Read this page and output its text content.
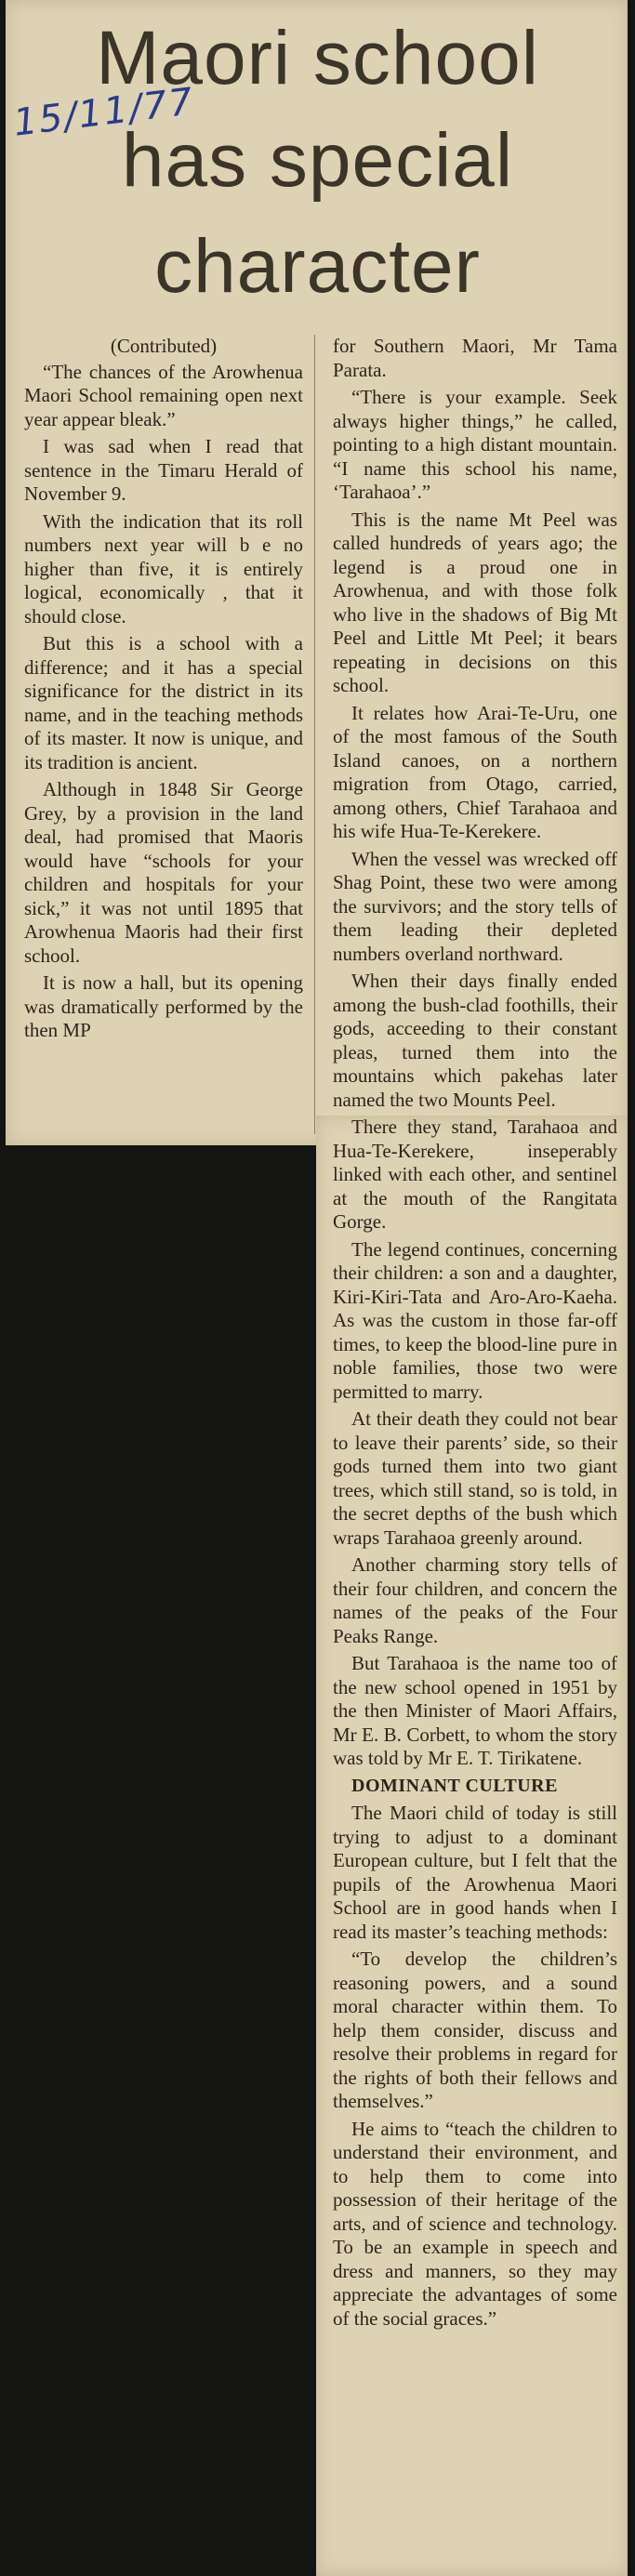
Maori school
has special
character
15/11/77

(Contributed)

“The chances of the Arowhenua Maori School remaining open next year appear bleak.”

I was sad when I read that sentence in the Timaru Herald of November 9.

With the indication that its roll numbers next year will b e no higher than five, it is entirely logical, economically , that it should close.

But this is a school with a difference; and it has a special significance for the district in its name, and in the teaching methods of its master. It now is unique, and its tradition is ancient.

Although in 1848 Sir George Grey, by a provision in the land deal, had promised that Maoris would have “schools for your children and hospitals for your sick,” it was not until 1895 that Arowhenua Maoris had their first school.

It is now a hall, but its opening was dramatically performed by the then MP

for Southern Maori, Mr Tama Parata.

“There is your example. Seek always higher things,” he called, pointing to a high distant mountain. “I name this school his name, ‘Tarahaoa’.”

This is the name Mt Peel was called hundreds of years ago; the legend is a proud one in Arowhenua, and with those folk who live in the shadows of Big Mt Peel and Little Mt Peel; it bears repeating in decisions on this school.

It relates how Arai-Te-Uru, one of the most famous of the South Island canoes, on a northern migration from Otago, carried, among others, Chief Tarahaoa and his wife Hua-Te-Kerekere.

When the vessel was wrecked off Shag Point, these two were among the survivors; and the story tells of them leading their depleted numbers overland northward.

When their days finally ended among the bush-clad foothills, their gods, acceeding to their constant pleas, turned them into the mountains which pakehas later named the two Mounts Peel.

There they stand, Tarahaoa and Hua-Te-Kerekere, inseperably linked with each other, and sentinel at the mouth of the Rangitata Gorge.

The legend continues, concerning their children: a son and a daughter, Kiri-Kiri-Tata and Aro-Aro-Kaeha. As was the custom in those far-off times, to keep the blood-line pure in noble families, those two were permitted to marry.

At their death they could not bear to leave their parents’ side, so their gods turned them into two giant trees, which still stand, so is told, in the secret depths of the bush which wraps Tarahaoa greenly around.

Another charming story tells of their four children, and concern the names of the peaks of the Four Peaks Range.

But Tarahaoa is the name too of the new school opened in 1951 by the then Minister of Maori Affairs, Mr E. B. Corbett, to whom the story was told by Mr E. T. Tirikatene.

DOMINANT CULTURE

The Maori child of today is still trying to adjust to a dominant European culture, but I felt that the pupils of the Arowhenua Maori School are in good hands when I read its master’s teaching methods:

“To develop the children’s reasoning powers, and a sound moral character within them. To help them consider, discuss and resolve their problems in regard for the rights of both their fellows and themselves.”

He aims to “teach the children to understand their environment, and to help them to come into possession of their heritage of the arts, and of science and technology. To be an example in speech and dress and manners, so they may appreciate the advantages of some of the social graces.”
